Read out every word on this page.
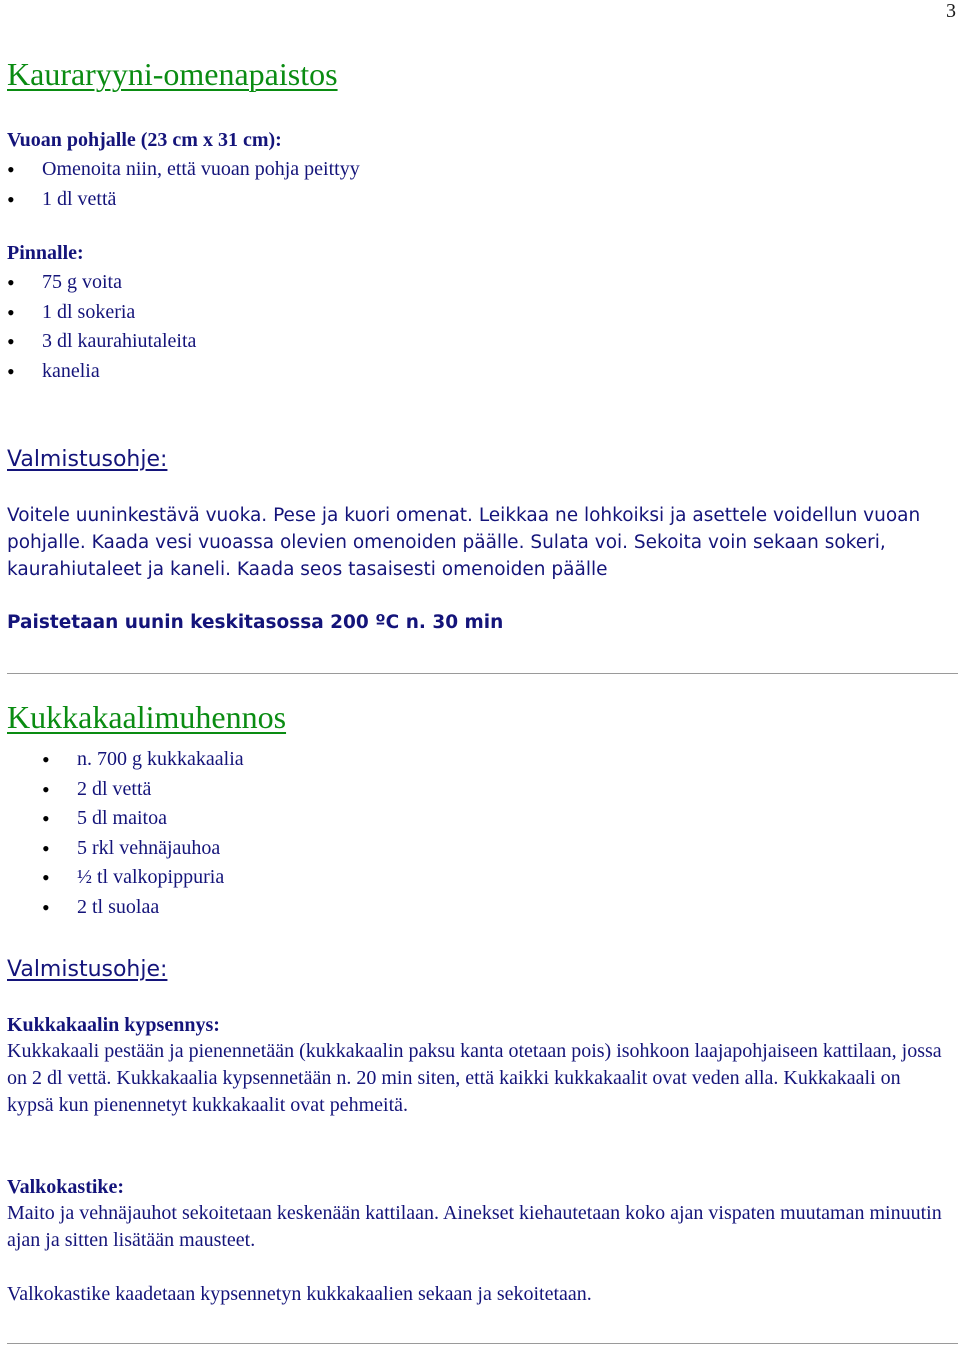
3
Kauraryyni-omenapaistos
Vuoan pohjalle (23 cm x 31 cm):
• Omenoita niin, että vuoan pohja peittyy
• 1 dl vettä
Pinnalle:
• 75 g voita
• 1 dl sokeria
• 3 dl kaurahiutaleita
• kanelia
Valmistusohje:

Voitele uuninkestävä vuoka. Pese ja kuori omenat. Leikkaa ne lohkoiksi ja asettele voidellun vuoan pohjalle. Kaada vesi vuoassa olevien omenoiden päälle. Sulata voi. Sekoita voin sekaan sokeri, kaurahiutaleet ja kaneli. Kaada seos tasaisesti omenoiden päälle

Paistetaan uunin keskitasossa 200 ºC n. 30 min
Kukkakaalimuhennos
• n. 700 g kukkakaalia
• 2 dl vettä
• 5 dl maitoa
• 5 rkl vehnäjauhoa
• ½ tl valkopippuria
• 2 tl suolaa
Valmistusohje:
Kukkakaalin kypsennys:

Kukkakaali pestään ja pienennetään (kukkakaalin paksu kanta otetaan pois) isohkoon laajapohjaiseen kattilaan, jossa on 2 dl vettä. Kukkakaalia kypsennetään n. 20 min siten, että kaikki kukkakaalit ovat veden alla. Kukkakaali on kypsä kun pienennetyt kukkakaalit ovat pehmeitä.

Valkokastike:

Maito ja vehnäjauhot sekoitetaan keskenään kattilaan. Ainekset kiehautetaan koko ajan vispaten muutaman minuutin ajan ja sitten lisätään mausteet.

Valkokastike kaadetaan kypsennetyn kukkakaalien sekaan ja sekoitetaan.
